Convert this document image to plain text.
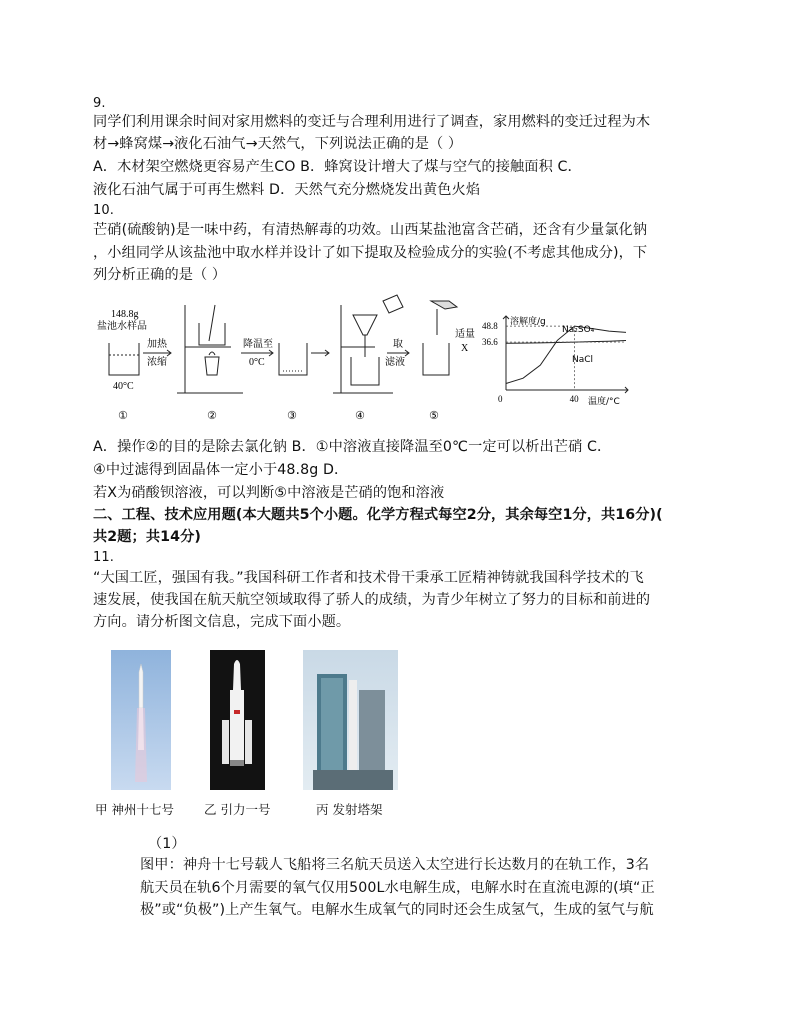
9.
同学们利用课余时间对家用燃料的变迁与合理利用进行了调查，家用燃料的变迁过程为木
材→蜂窝煤→液化石油气→天然气，下列说法正确的是（ ）
A．木材架空燃烧更容易产生CO B．蜂窝设计增大了煤与空气的接触面积 C．
液化石油气属于可再生燃料 D．天然气充分燃烧发出黄色火焰
10.
芒硝(硫酸钠)是一味中药，有清热解毒的功效。山西某盐池富含芒硝，还含有少量氯化钠
，小组同学从该盐池中取水样并设计了如下提取及检验成分的实验(不考虑其他成分)，下
列分析正确的是（ ）
148.8g
盐池水样品
加热
浓缩
40°C
降温至
0°C
取
滤液
适量
X
①	②	③	④	⑤
溶解度/g
温度/°C
0	40
48.8
36.6
Na₂SO₄
NaCl
A．操作②的目的是除去氯化钠 B．①中溶液直接降温至0℃一定可以析出芒硝 C．
④中过滤得到固晶体一定小于48.8g D．
若X为硝酸钡溶液，可以判断⑤中溶液是芒硝的饱和溶液
二、工程、技术应用题(本大题共5个小题。化学方程式每空2分，其余每空1分，共16分)(
共2题；共14分)
11.
“大国工匠，强国有我。”我国科研工作者和技术骨干秉承工匠精神铸就我国科学技术的飞
速发展，使我国在航天航空领域取得了骄人的成绩，为青少年树立了努力的目标和前进的
方向。请分析图文信息，完成下面小题。
甲 神州十七号 乙 引力一号	丙 发射塔架
（1）
图甲：神舟十七号载人飞船将三名航天员送入太空进行长达数月的在轨工作，3名
航天员在轨6个月需要的氧气仅用500L水电解生成，电解水时在直流电源的(填“正
极”或“负极”)上产生氧气。电解水生成氧气的同时还会生成氢气，生成的氢气与航
